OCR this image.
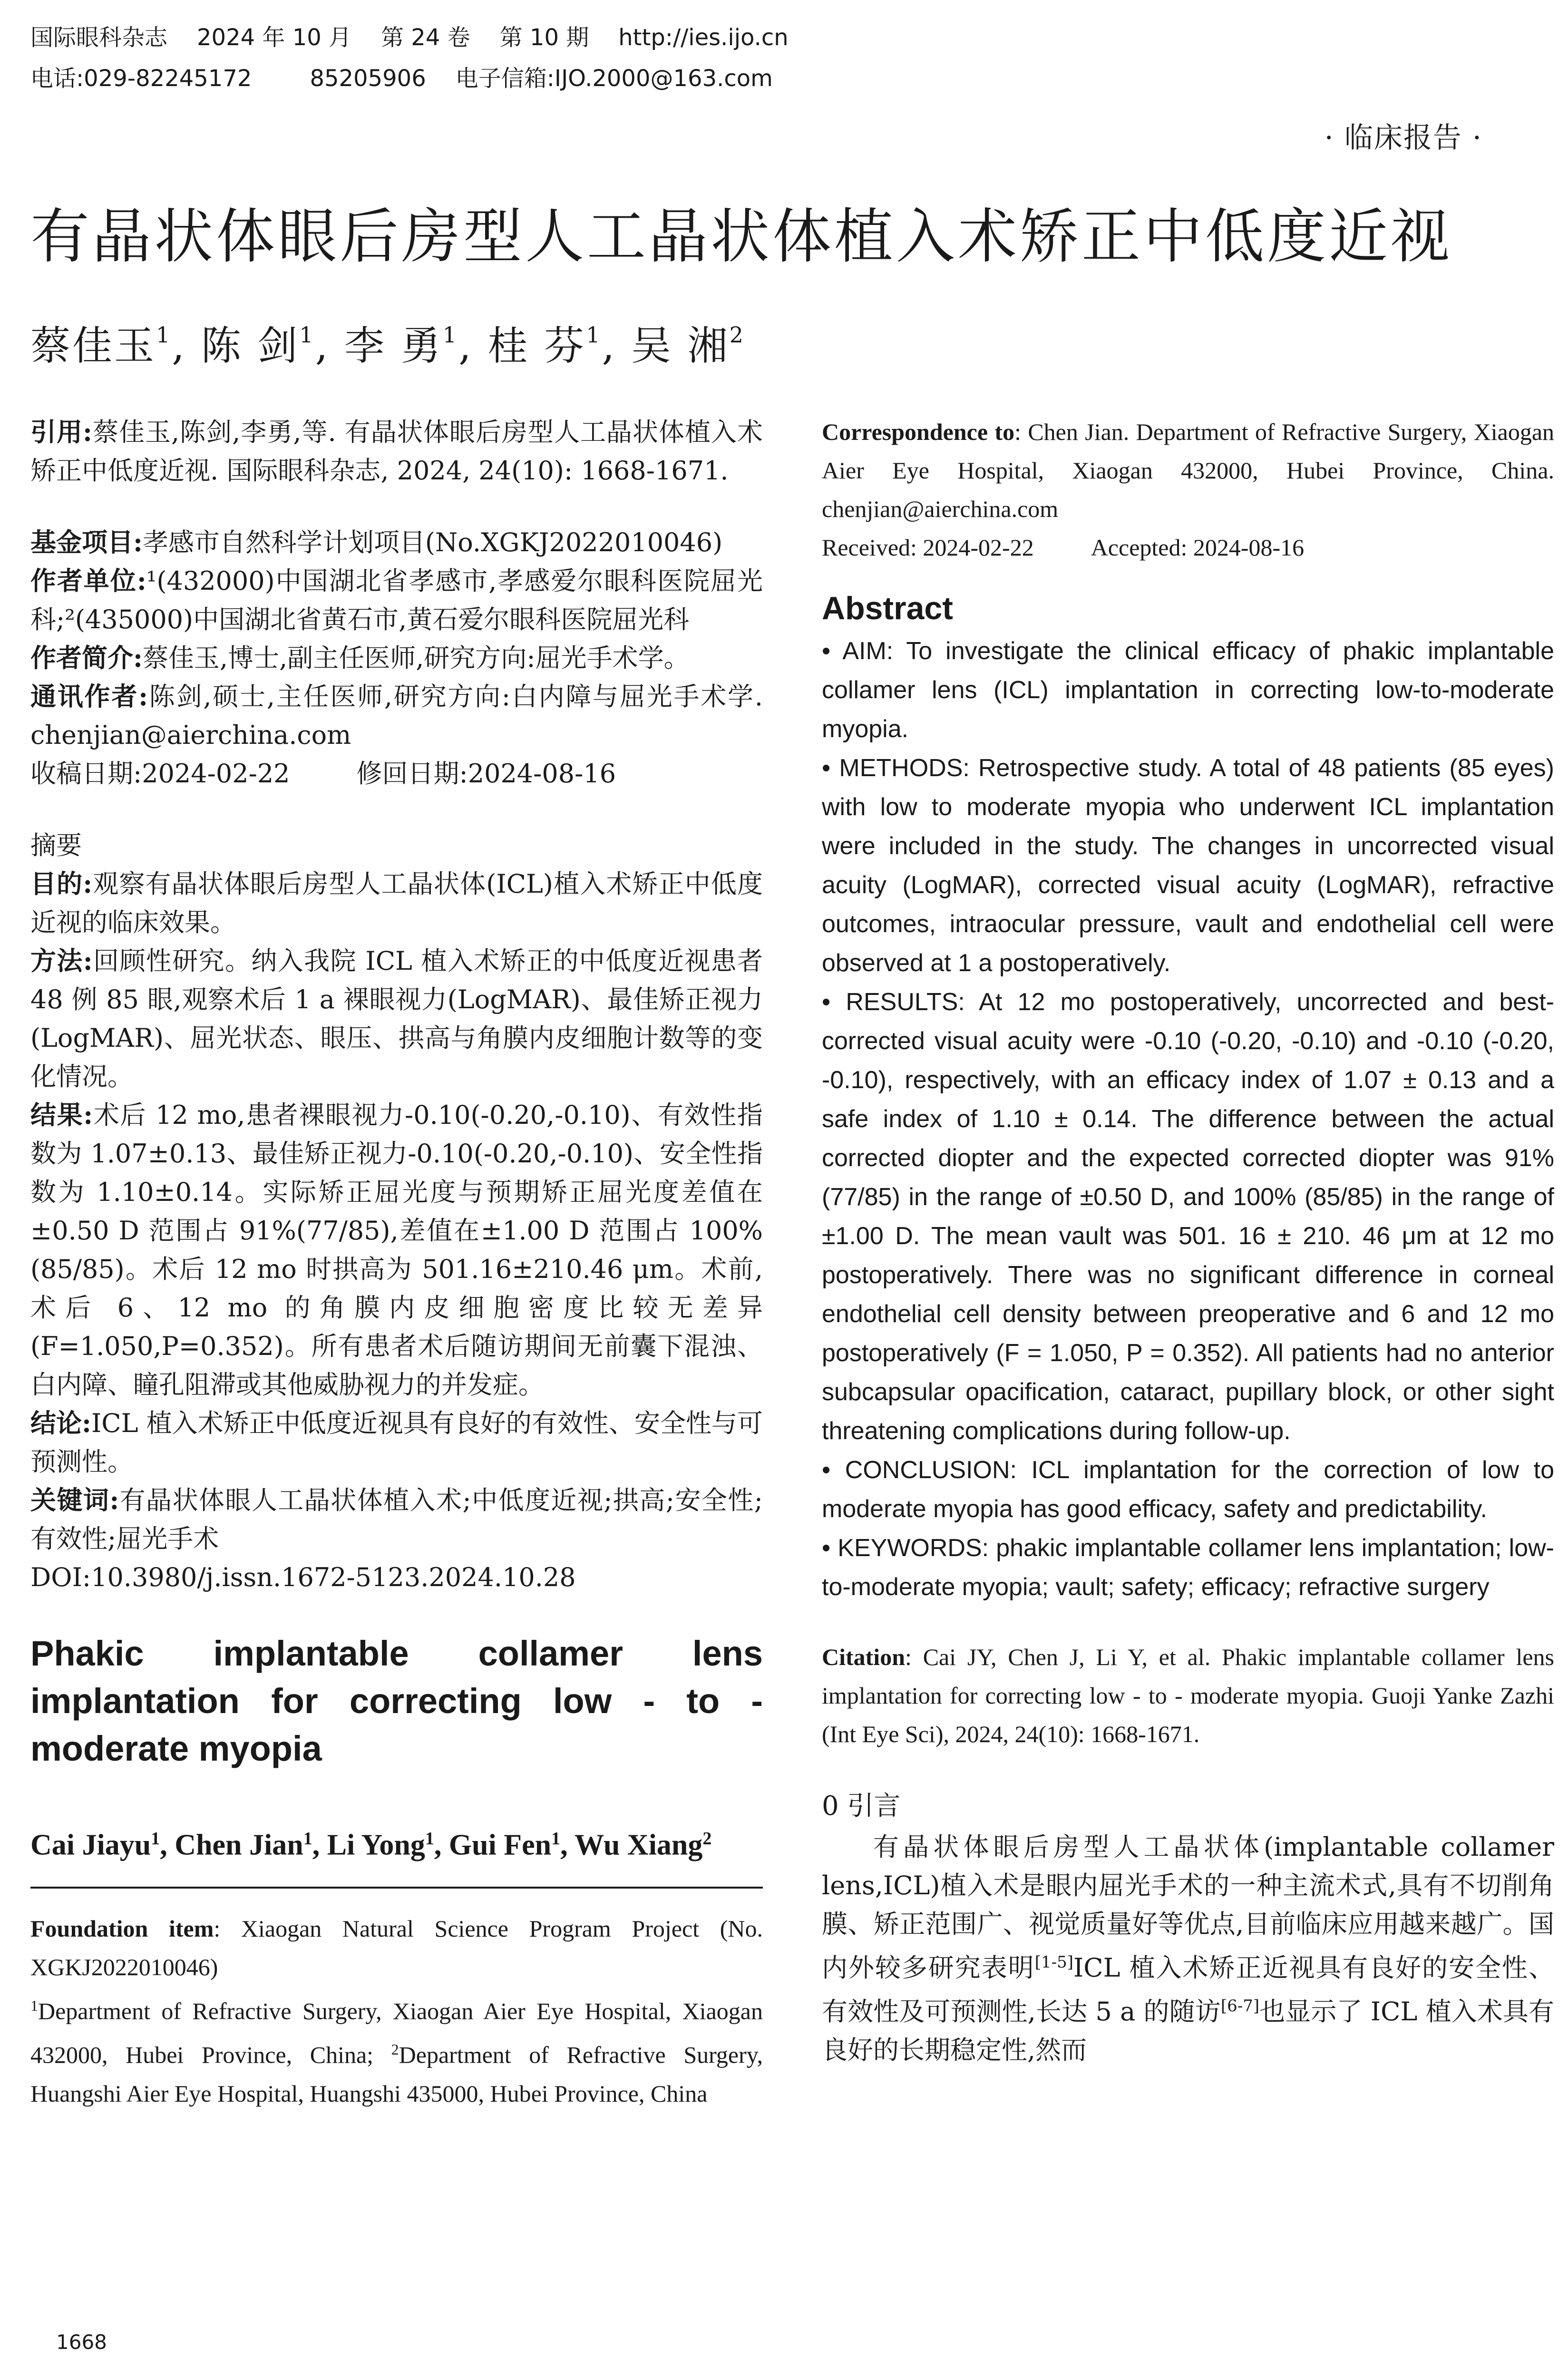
国际眼科杂志 2024 年 10 月 第 24 卷 第 10 期 http://ies.ijo.cn
电话:029-82245172	85205906 电子信箱:IJO.2000@163.com
· 临床报告 ·
有晶状体眼后房型人工晶状体植入术矫正中低度近视
蔡佳玉$^1$, 陈 剑$^1$, 李 勇$^1$, 桂 芬$^1$, 吴 湘$^2$
引用:蔡佳玉,陈剑,李勇,等. 有晶状体眼后房型人工晶状体植入术矫正中低度近视. 国际眼科杂志, 2024, 24(10): 1668-1671.

基金项目:孝感市自然科学计划项目(No.XGKJ2022010046)

作者单位:¹(432000)中国湖北省孝感市,孝感爱尔眼科医院屈光科;²(435000)中国湖北省黄石市,黄石爱尔眼科医院屈光科

作者简介:蔡佳玉,博士,副主任医师,研究方向:屈光手术学。

通讯作者:陈剑,硕士,主任医师,研究方向:白内障与屈光手术学. chenjian@aierchina.com

收稿日期:2024-02-22	修回日期:2024-08-16

摘要

目的:观察有晶状体眼后房型人工晶状体(ICL)植入术矫正中低度近视的临床效果。

方法:回顾性研究。纳入我院 ICL 植入术矫正的中低度近视患者 48 例 85 眼,观察术后 1 a 裸眼视力(LogMAR)、最佳矫正视力(LogMAR)、屈光状态、眼压、拱高与角膜内皮细胞计数等的变化情况。

结果:术后 12 mo,患者裸眼视力-0.10(-0.20,-0.10)、有效性指数为 1.07±0.13、最佳矫正视力-0.10(-0.20,-0.10)、安全性指数为 1.10±0.14。实际矫正屈光度与预期矫正屈光度差值在±0.50 D 范围占 91%(77/85),差值在±1.00 D 范围占 100%(85/85)。术后 12 mo 时拱高为 501.16±210.46 μm。术前,术后 6、12 mo 的角膜内皮细胞密度比较无差异(F=1.050,P=0.352)。所有患者术后随访期间无前囊下混浊、白内障、瞳孔阻滞或其他威胁视力的并发症。

结论:ICL 植入术矫正中低度近视具有良好的有效性、安全性与可预测性。

关键词:有晶状体眼人工晶状体植入术;中低度近视;拱高;安全性;有效性;屈光手术

DOI:10.3980/j.issn.1672-5123.2024.10.28

Phakic implantable collamer lens implantation for correcting low - to - moderate myopia
Cai Jiayu$^1$, Chen Jian$^1$, Li Yong$^1$, Gui Fen$^1$, Wu Xiang$^2$
Foundation item: Xiaogan Natural Science Program Project (No. XGKJ2022010046)
$^1$Department of Refractive Surgery, Xiaogan Aier Eye Hospital, Xiaogan 432000, Hubei Province, China; $^2$Department of Refractive Surgery, Huangshi Aier Eye Hospital, Huangshi 435000, Hubei Province, China
Correspondence to: Chen Jian. Department of Refractive Surgery, Xiaogan Aier Eye Hospital, Xiaogan 432000, Hubei Province, China. chenjian@aierchina.com
Received: 2024-02-22 Accepted: 2024-08-16
Abstract

• AIM: To investigate the clinical efficacy of phakic implantable collamer lens (ICL) implantation in correcting low-to-moderate myopia.

• METHODS: Retrospective study. A total of 48 patients (85 eyes) with low to moderate myopia who underwent ICL implantation were included in the study. The changes in uncorrected visual acuity (LogMAR), corrected visual acuity (LogMAR), refractive outcomes, intraocular pressure, vault and endothelial cell were observed at 1 a postoperatively.

• RESULTS: At 12 mo postoperatively, uncorrected and best-corrected visual acuity were -0.10 (-0.20, -0.10) and -0.10 (-0.20, -0.10), respectively, with an efficacy index of 1.07 ± 0.13 and a safe index of 1.10 ± 0.14. The difference between the actual corrected diopter and the expected corrected diopter was 91% (77/85) in the range of ±0.50 D, and 100% (85/85) in the range of ±1.00 D. The mean vault was 501. 16 ± 210. 46 μm at 12 mo postoperatively. There was no significant difference in corneal endothelial cell density between preoperative and 6 and 12 mo postoperatively (F = 1.050, P = 0.352). All patients had no anterior subcapsular opacification, cataract, pupillary block, or other sight threatening complications during follow-up.

• CONCLUSION: ICL implantation for the correction of low to moderate myopia has good efficacy, safety and predictability.

• KEYWORDS: phakic implantable collamer lens implantation; low-to-moderate myopia; vault; safety; efficacy; refractive surgery

Citation: Cai JY, Chen J, Li Y, et al. Phakic implantable collamer lens implantation for correcting low - to - moderate myopia. Guoji Yanke Zazhi (Int Eye Sci), 2024, 24(10): 1668-1671.
0 引言
有晶状体眼后房型人工晶状体(implantable collamer lens,ICL)植入术是眼内屈光手术的一种主流术式,具有不切削角膜、矫正范围广、视觉质量好等优点,目前临床应用越来越广。国内外较多研究表明[1-5]ICL 植入术矫正近视具有良好的安全性、有效性及可预测性,长达 5 a 的随访[6-7]也显示了 ICL 植入术具有良好的长期稳定性,然而
1668
